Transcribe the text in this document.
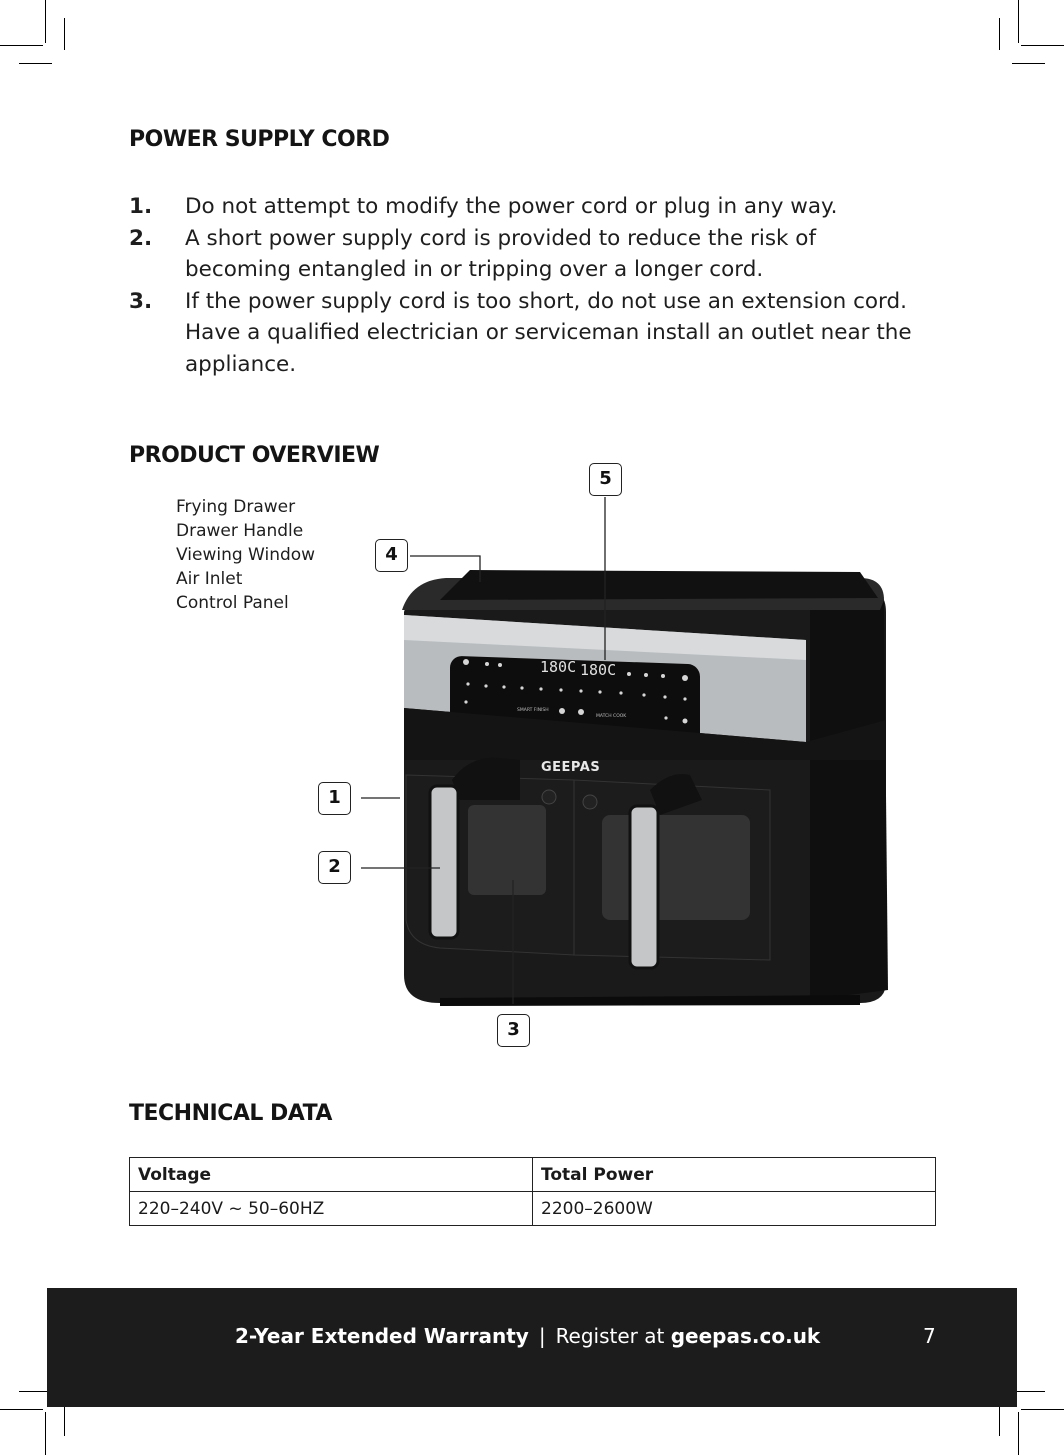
POWER SUPPLY CORD
1.	Do not attempt to modify the power cord or plug in any way.
2.	A short power supply cord is provided to reduce the risk of becoming entangled in or tripping over a longer cord.
3.	If the power supply cord is too short, do not use an extension cord. Have a qualified electrician or serviceman install an outlet near the appliance.
PRODUCT OVERVIEW
Frying Drawer
Drawer Handle
Viewing Window
Air Inlet
Control Panel
180C 180C
SMART FINISH
MATCH COOK
GEEPAS
5
4
1
2
3
TECHNICAL DATA
Voltage	Total Power
220–240V ~ 50–60HZ	2200–2600W
2-Year Extended Warranty | Register at geepas.co.uk	7
